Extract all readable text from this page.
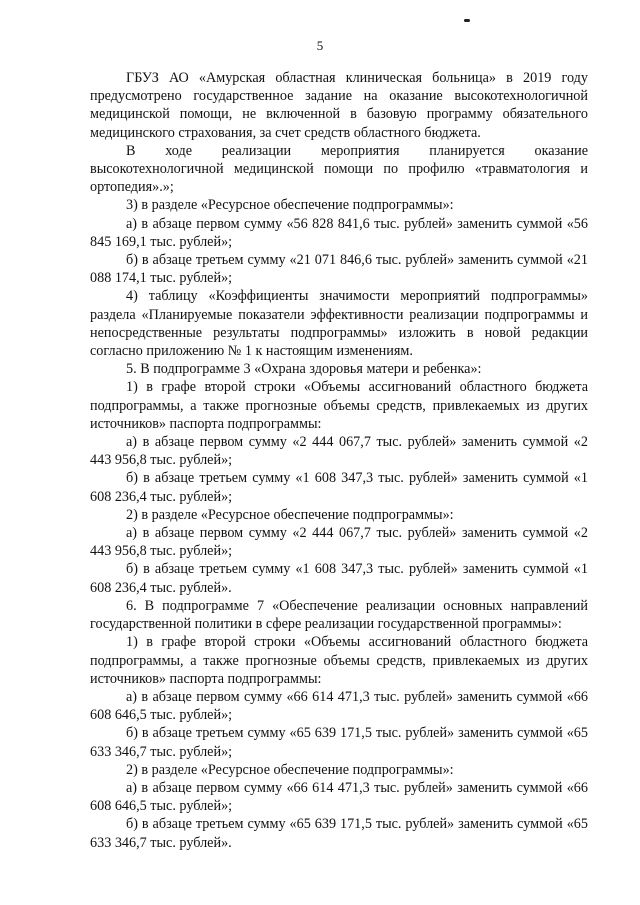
5

ГБУЗ АО «Амурская областная клиническая больница» в 2019 году предусмотрено государственное задание на оказание высокотехнологичной медицинской помощи, не включенной в базовую программу обязательного медицинского страхования, за счет средств областного бюджета.

В ходе реализации мероприятия планируется оказание высокотехнологичной медицинской помощи по профилю «травматология и ортопедия».»;

3) в разделе «Ресурсное обеспечение подпрограммы»:

а) в абзаце первом сумму «56 828 841,6 тыс. рублей» заменить суммой «56 845 169,1 тыс. рублей»;

б) в абзаце третьем сумму «21 071 846,6 тыс. рублей» заменить суммой «21 088 174,1 тыс. рублей»;

4) таблицу «Коэффициенты значимости мероприятий подпрограммы» раздела «Планируемые показатели эффективности реализации подпрограммы и непосредственные результаты подпрограммы» изложить в новой редакции согласно приложению № 1 к настоящим изменениям.

5. В подпрограмме 3 «Охрана здоровья матери и ребенка»:

1) в графе второй строки «Объемы ассигнований областного бюджета подпрограммы, а также прогнозные объемы средств, привлекаемых из других источников» паспорта подпрограммы:

а) в абзаце первом сумму «2 444 067,7 тыс. рублей» заменить суммой «2 443 956,8 тыс. рублей»;

б) в абзаце третьем сумму «1 608 347,3 тыс. рублей» заменить суммой «1 608 236,4 тыс. рублей»;

2) в разделе «Ресурсное обеспечение подпрограммы»:

а) в абзаце первом сумму «2 444 067,7 тыс. рублей» заменить суммой «2 443 956,8 тыс. рублей»;

б) в абзаце третьем сумму «1 608 347,3 тыс. рублей» заменить суммой «1 608 236,4 тыс. рублей».

6. В подпрограмме 7 «Обеспечение реализации основных направлений государственной политики в сфере реализации государственной программы»:

1) в графе второй строки «Объемы ассигнований областного бюджета подпрограммы, а также прогнозные объемы средств, привлекаемых из других источников» паспорта подпрограммы:

а) в абзаце первом сумму «66 614 471,3 тыс. рублей» заменить суммой «66 608 646,5 тыс. рублей»;

б) в абзаце третьем сумму «65 639 171,5 тыс. рублей» заменить суммой «65 633 346,7 тыс. рублей»;

2) в разделе «Ресурсное обеспечение подпрограммы»:

а) в абзаце первом сумму «66 614 471,3 тыс. рублей» заменить суммой «66 608 646,5 тыс. рублей»;

б) в абзаце третьем сумму «65 639 171,5 тыс. рублей» заменить суммой «65 633 346,7 тыс. рублей».
